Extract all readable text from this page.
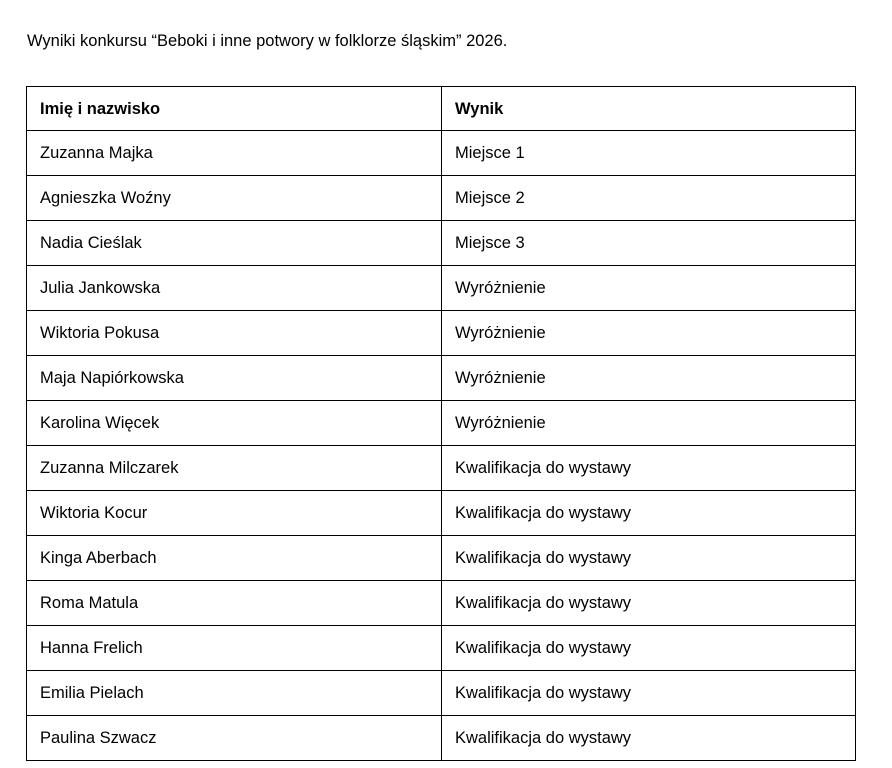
Wyniki konkursu “Beboki i inne potwory w folklorze śląskim” 2026.
Imię i nazwisko	Wynik
Zuzanna Majka	Miejsce 1
Agnieszka Woźny	Miejsce 2
Nadia Cieślak	Miejsce 3
Julia Jankowska	Wyróżnienie
Wiktoria Pokusa	Wyróżnienie
Maja Napiórkowska	Wyróżnienie
Karolina Więcek	Wyróżnienie
Zuzanna Milczarek	Kwalifikacja do wystawy
Wiktoria Kocur	Kwalifikacja do wystawy
Kinga Aberbach	Kwalifikacja do wystawy
Roma Matula	Kwalifikacja do wystawy
Hanna Frelich	Kwalifikacja do wystawy
Emilia Pielach	Kwalifikacja do wystawy
Paulina Szwacz	Kwalifikacja do wystawy
